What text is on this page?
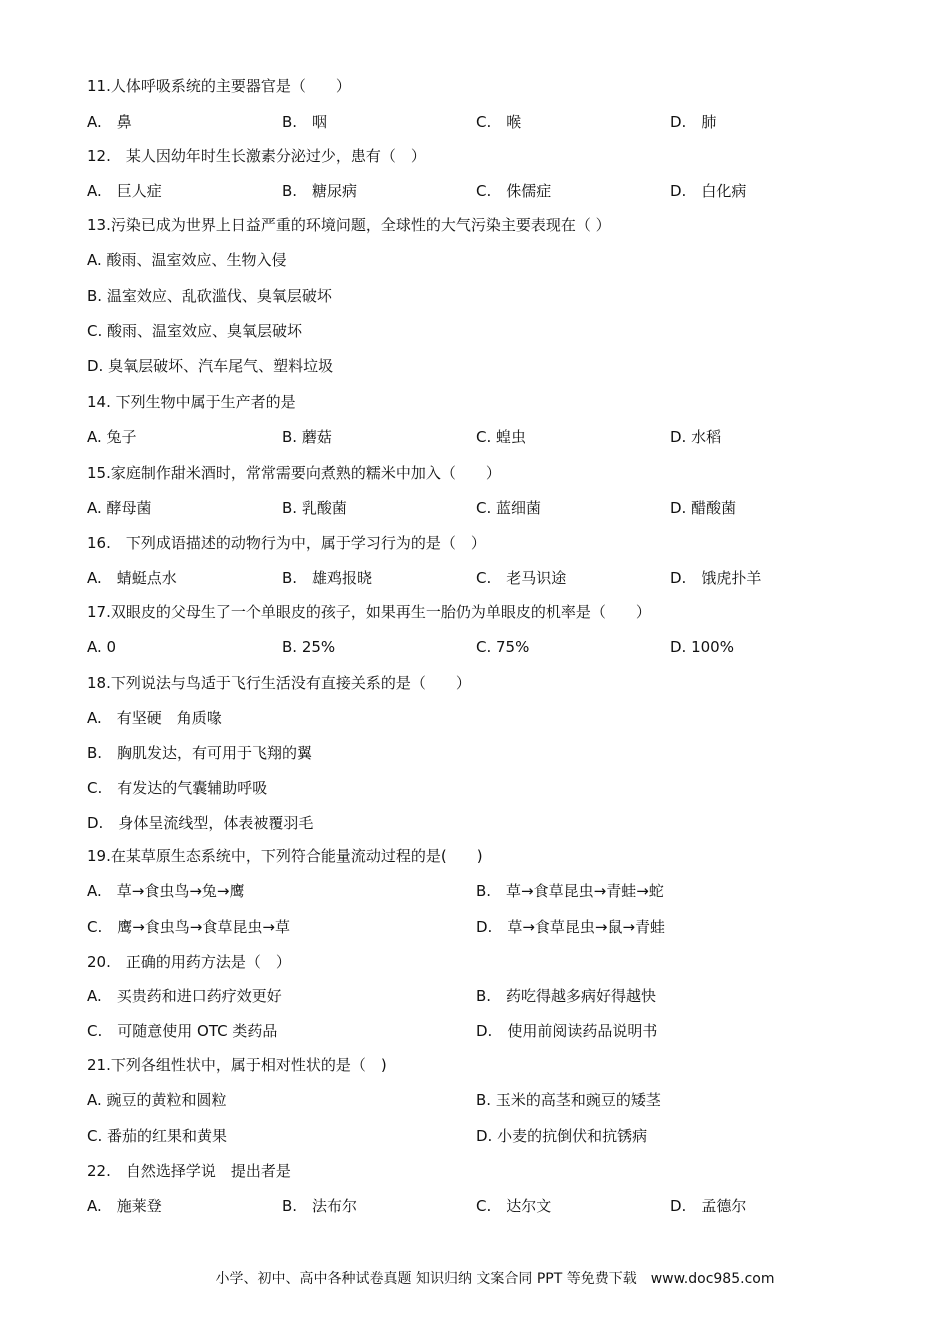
11.人体呼吸系统的主要器官是（　　）
A.　鼻	B.　咽	C.　喉	D.　肺
12.　某人因幼年时生长激素分泌过少，患有（　）
A.　巨人症	B.　糖尿病	C.　侏儒症	D.　白化病
13.污染已成为世界上日益严重的环境问题，全球性的大气污染主要表现在（ ）
A. 酸雨、温室效应、生物入侵
B. 温室效应、乱砍滥伐、臭氧层破坏
C. 酸雨、温室效应、臭氧层破坏
D. 臭氧层破坏、汽车尾气、塑料垃圾
14. 下列生物中属于生产者的是
A. 兔子	B. 蘑菇	C. 蝗虫	D. 水稻
15.家庭制作甜米酒时，常常需要向煮熟的糯米中加入（　　）
A. 酵母菌	B. 乳酸菌	C. 蓝细菌	D. 醋酸菌
16.　下列成语描述的动物行为中，属于学习行为的是（　）
A.　蜻蜓点水	B.　雄鸡报晓	C.　老马识途	D.　饿虎扑羊
17.双眼皮的父母生了一个单眼皮的孩子，如果再生一胎仍为单眼皮的机率是（　　）
A. 0	B. 25%	C. 75%	D. 100%
18.下列说法与鸟适于飞行生活没有直接关系的是（　　）
A.　有坚硬　角质喙
B.　胸肌发达，有可用于飞翔的翼
C.　有发达的气囊辅助呼吸
D.　身体呈流线型，体表被覆羽毛
19.在某草原生态系统中，下列符合能量流动过程的是(　　)
A.　草→食虫鸟→兔→鹰	B.　草→食草昆虫→青蛙→蛇
C.　鹰→食虫鸟→食草昆虫→草	D.　草→食草昆虫→鼠→青蛙
20.　正确的用药方法是（　）
A.　买贵药和进口药疗效更好	B.　药吃得越多病好得越快
C.　可随意使用 OTC 类药品	D.　使用前阅读药品说明书
21.下列各组性状中，属于相对性状的是（　)
A. 豌豆的黄粒和圆粒	B. 玉米的高茎和豌豆的矮茎
C. 番茄的红果和黄果	D. 小麦的抗倒伏和抗锈病
22.　自然选择学说　提出者是
A.　施莱登	B.　法布尔	C.　达尔文	D.　孟德尔
小学、初中、高中各种试卷真题 知识归纳 文案合同 PPT 等免费下载　www.doc985.com
